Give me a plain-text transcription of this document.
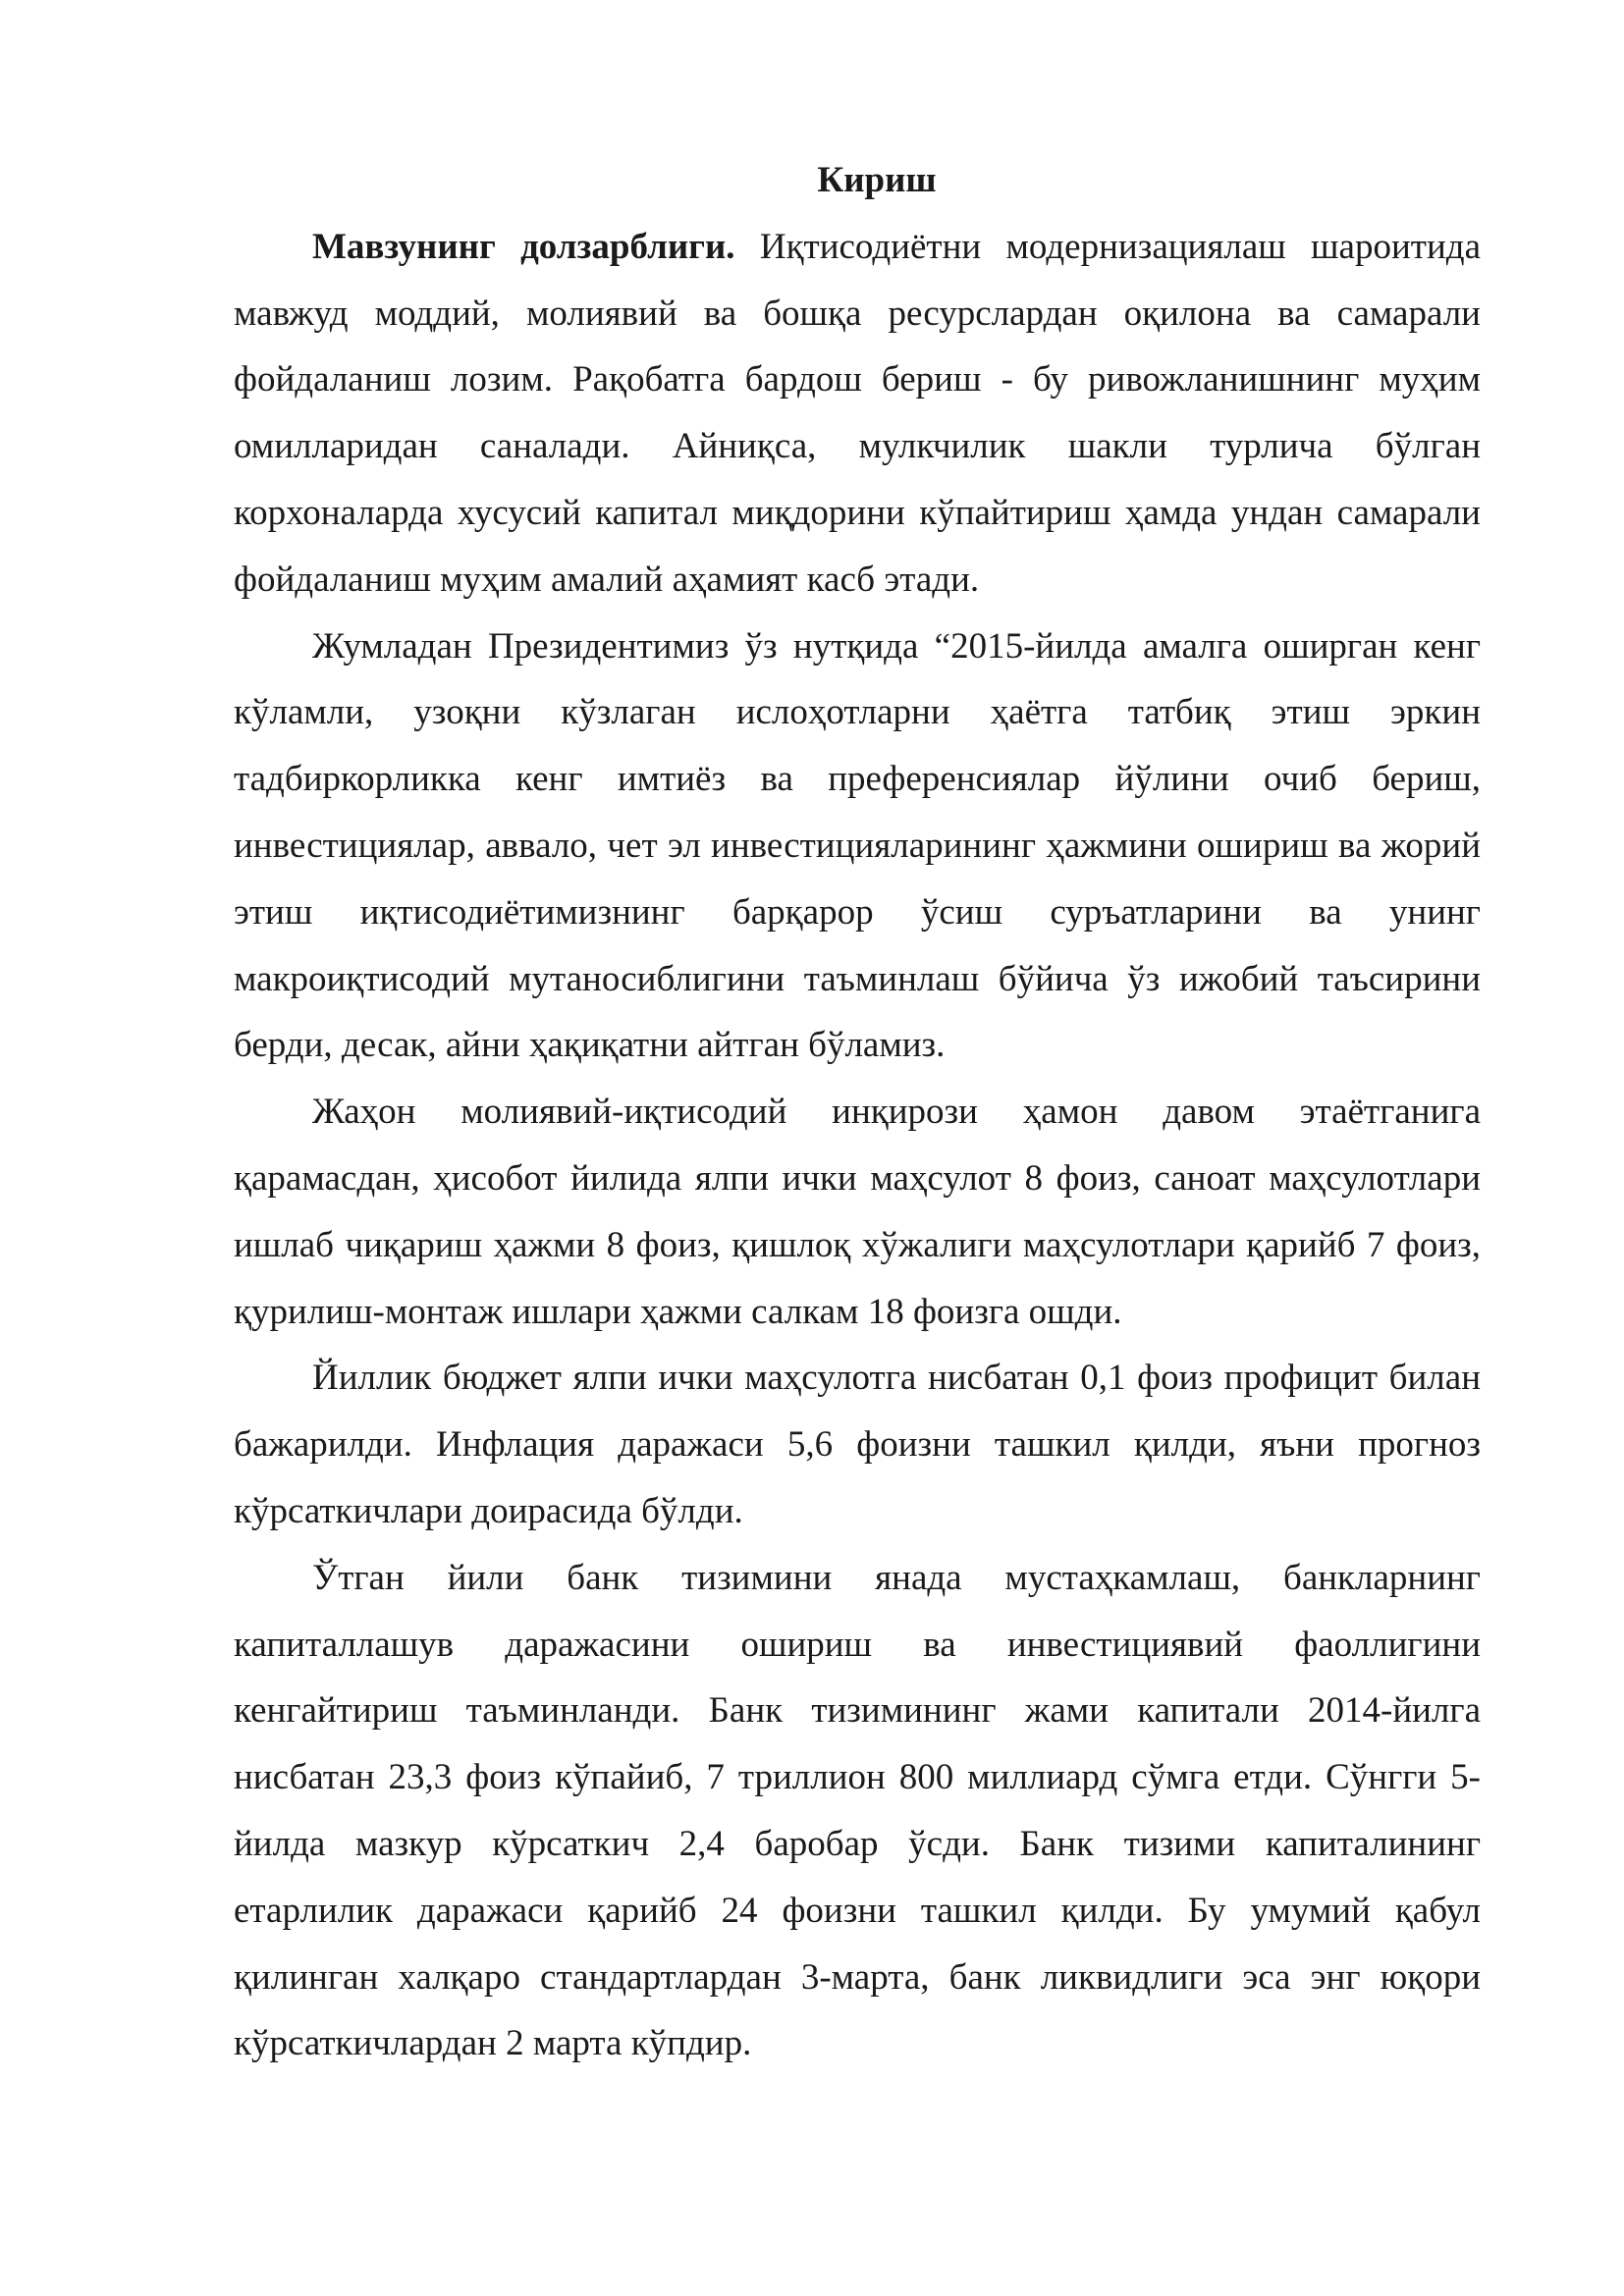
Кириш

Мавзунинг долзарблиги. Иқтисодиётни модернизациялаш шароитида мавжуд моддий, молиявий ва бошқа ресурслардан оқилона ва самарали фойдаланиш лозим. Рақобатга бардош бериш - бу ривожланишнинг муҳим омилларидан саналади. Айниқса, мулкчилик шакли турлича бўлган корхоналарда хусусий капитал миқдорини кўпайтириш ҳамда ундан самарали фойдаланиш муҳим амалий аҳамият касб этади.

Жумладан Президентимиз ўз нутқида “2015-йилда амалга оширган кенг кўламли, узоқни кўзлаган ислоҳотларни ҳаётга татбиқ этиш эркин тадбиркорликка кенг имтиёз ва преференсиялар йўлини очиб бериш, инвестициялар, аввало, чет эл инвестицияларининг ҳажмини ошириш ва жорий этиш иқтисодиётимизнинг барқарор ўсиш суръатларини ва унинг макроиқтисодий мутаносиблигини таъминлаш бўйича ўз ижобий таъсирини берди, десак, айни ҳақиқатни айтган бўламиз.

Жаҳон молиявий-иқтисодий инқирози ҳамон давом этаётганига қарамасдан, ҳисобот йилида ялпи ички маҳсулот 8 фоиз, саноат маҳсулотлари ишлаб чиқариш ҳажми 8 фоиз, қишлоқ хўжалиги маҳсулотлари қарийб 7 фоиз, қурилиш-монтаж ишлари ҳажми салкам 18 фоизга ошди.

Йиллик бюджет ялпи ички маҳсулотга нисбатан 0,1 фоиз профицит билан бажарилди. Инфлация даражаси 5,6 фоизни ташкил қилди, яъни прогноз кўрсаткичлари доирасида бўлди.

Ўтган йили банк тизимини янада мустаҳкамлаш, банкларнинг капиталлашув даражасини ошириш ва инвестициявий фаоллигини кенгайтириш таъминланди. Банк тизимининг жами капитали 2014-йилга нисбатан 23,3 фоиз кўпайиб, 7 триллион 800 миллиард сўмга етди. Сўнгги 5-йилда мазкур кўрсаткич 2,4 баробар ўсди. Банк тизими капиталининг етарлилик даражаси қарийб 24 фоизни ташкил қилди. Бу умумий қабул қилинган халқаро стандартлардан 3-марта, банк ликвидлиги эса энг юқори кўрсаткичлардан 2 марта кўпдир.
